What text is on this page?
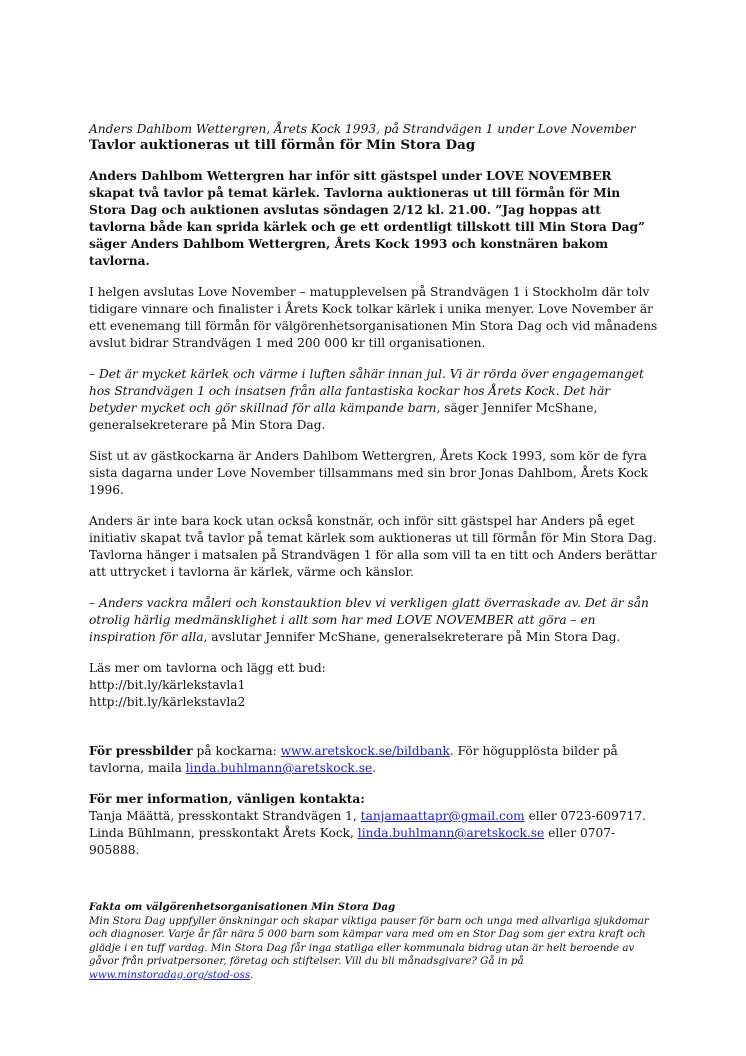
Anders Dahlbom Wettergren, Årets Kock 1993, på Strandvägen 1 under Love November

Tavlor auktioneras ut till förmån för Min Stora Dag

Anders Dahlbom Wettergren har inför sitt gästspel under LOVE NOVEMBER skapat två tavlor på temat kärlek. Tavlorna auktioneras ut till förmån för Min Stora Dag och auktionen avslutas söndagen 2/12 kl. 21.00. ”Jag hoppas att tavlorna både kan sprida kärlek och ge ett ordentligt tillskott till Min Stora Dag” säger Anders Dahlbom Wettergren, Årets Kock 1993 och konstnären bakom tavlorna.

I helgen avslutas Love November – matupplevelsen på Strandvägen 1 i Stockholm där tolv tidigare vinnare och finalister i Årets Kock tolkar kärlek i unika menyer. Love November är ett evenemang till förmån för välgörenhetsorganisationen Min Stora Dag och vid månadens avslut bidrar Strandvägen 1 med 200 000 kr till organisationen.

– Det är mycket kärlek och värme i luften såhär innan jul. Vi är rörda över engagemanget hos Strandvägen 1 och insatsen från alla fantastiska kockar hos Årets Kock. Det här betyder mycket och gör skillnad för alla kämpande barn, säger Jennifer McShane, generalsekreterare på Min Stora Dag.

Sist ut av gästkockarna är Anders Dahlbom Wettergren, Årets Kock 1993, som kör de fyra sista dagarna under Love November tillsammans med sin bror Jonas Dahlbom, Årets Kock 1996.

Anders är inte bara kock utan också konstnär, och inför sitt gästspel har Anders på eget initiativ skapat två tavlor på temat kärlek som auktioneras ut till förmån för Min Stora Dag. Tavlorna hänger i matsalen på Strandvägen 1 för alla som vill ta en titt och Anders berättar att uttrycket i tavlorna är kärlek, värme och känslor.

– Anders vackra måleri och konstauktion blev vi verkligen glatt överraskade av. Det är sån otrolig härlig medmänsklighet i allt som har med LOVE NOVEMBER att göra – en inspiration för alla, avslutar Jennifer McShane, generalsekreterare på Min Stora Dag.

Läs mer om tavlorna och lägg ett bud:

http://bit.ly/kärlekstavla1

http://bit.ly/kärlekstavla2

För pressbilder på kockarna: www.aretskock.se/bildbank. För högupplösta bilder på tavlorna, maila linda.buhlmann@aretskock.se.

För mer information, vänligen kontakta:

Tanja Määttä, presskontakt Strandvägen 1, tanjamaattapr@gmail.com eller 0723-609717.

Linda Bühlmann, presskontakt Årets Kock, linda.buhlmann@aretskock.se eller 0707-905888.

Fakta om välgörenhetsorganisationen Min Stora Dag

Min Stora Dag uppfyller önskningar och skapar viktiga pauser för barn och unga med allvarliga sjukdomar och diagnoser. Varje år får nära 5 000 barn som kämpar vara med om en Stor Dag som ger extra kraft och glädje i en tuff vardag. Min Stora Dag får inga statliga eller kommunala bidrag utan är helt beroende av gåvor från privatpersoner, företag och stiftelser. Vill du bli månadsgivare? Gå in på www.minstoradag.org/stod-oss.
